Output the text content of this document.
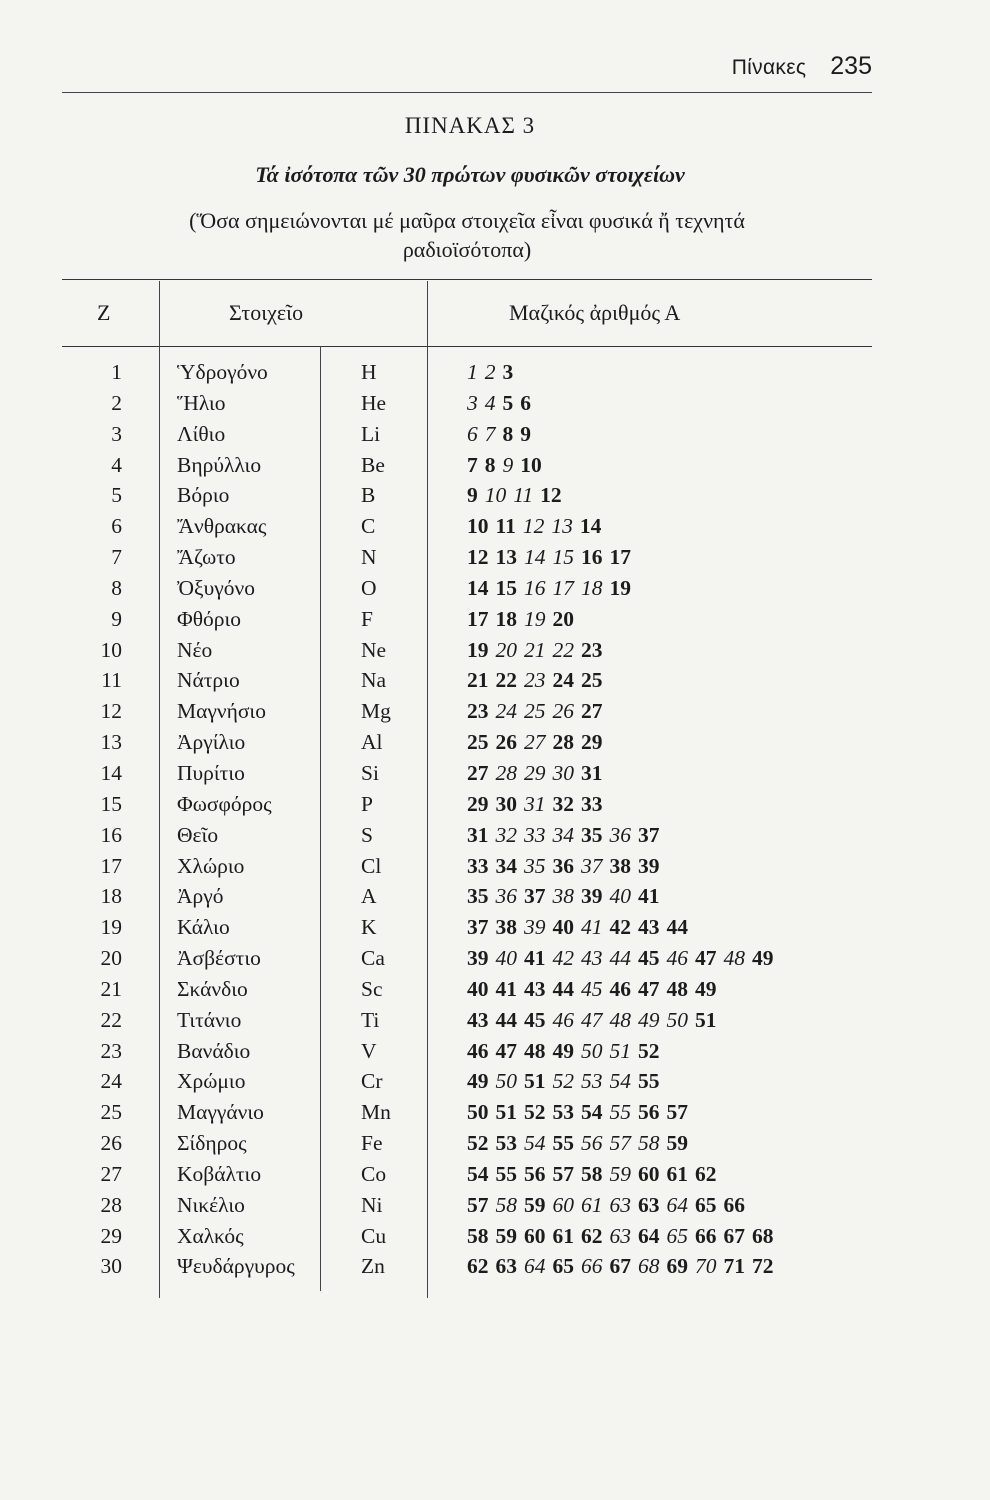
Πίνακες 235
ΠΙΝΑΚΑΣ 3
Τά ἰσότοπα τῶν 30 πρώτων φυσικῶν στοιχείων
(Ὅσα σημειώνονται μέ μαῦρα στοιχεῖα εἶναι φυσικά ἤ τεχνητά
ραδιοϊσότοπα)
Z	Στοιχεῖο	Μαζικός ἀριθμός Α
1	Ὑδρογόνο	H	1 2 3
2	Ἥλιο	He	3 4 5 6
3	Λίθιο	Li	6 7 8 9
4	Βηρύλλιο	Be	7 8 9 10
5	Βόριο	B	9 10 11 12
6	Ἄνθρακας	C	10 11 12 13 14
7	Ἄζωτο	N	12 13 14 15 16 17
8	Ὀξυγόνο	O	14 15 16 17 18 19
9	Φθόριο	F	17 18 19 20
10	Νέο	Ne	19 20 21 22 23
11	Νάτριο	Na	21 22 23 24 25
12	Μαγνήσιο	Mg	23 24 25 26 27
13	Ἀργίλιο	Al	25 26 27 28 29
14	Πυρίτιο	Si	27 28 29 30 31
15	Φωσφόρος	P	29 30 31 32 33
16	Θεῖο	S	31 32 33 34 35 36 37
17	Χλώριο	Cl	33 34 35 36 37 38 39
18	Ἀργό	A	35 36 37 38 39 40 41
19	Κάλιο	K	37 38 39 40 41 42 43 44
20	Ἀσβέστιο	Ca	39 40 41 42 43 44 45 46 47 48 49
21	Σκάνδιο	Sc	40 41 43 44 45 46 47 48 49
22	Τιτάνιο	Ti	43 44 45 46 47 48 49 50 51
23	Βανάδιο	V	46 47 48 49 50 51 52
24	Χρώμιο	Cr	49 50 51 52 53 54 55
25	Μαγγάνιο	Mn	50 51 52 53 54 55 56 57
26	Σίδηρος	Fe	52 53 54 55 56 57 58 59
27	Κοβάλτιο	Co	54 55 56 57 58 59 60 61 62
28	Νικέλιο	Ni	57 58 59 60 61 63 63 64 65 66
29	Χαλκός	Cu	58 59 60 61 62 63 64 65 66 67 68
30	Ψευδάργυρος	Zn	62 63 64 65 66 67 68 69 70 71 72
